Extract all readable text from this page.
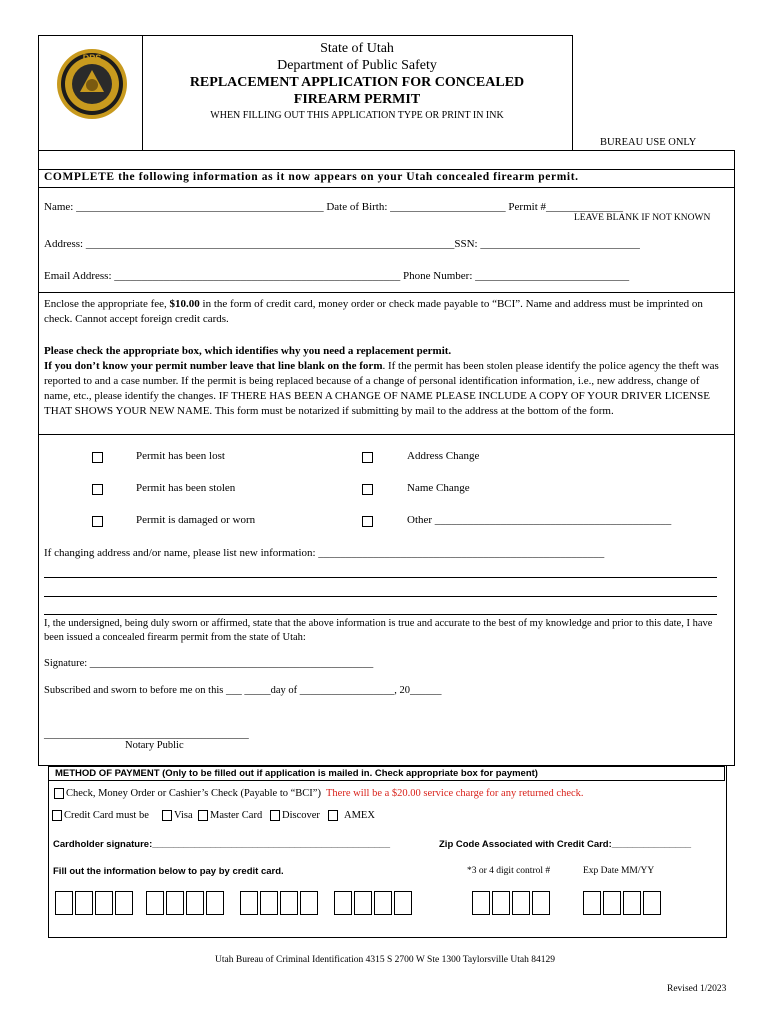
DPS
State of Utah
Department of Public Safety
REPLACEMENT APPLICATION FOR CONCEALED
FIREARM PERMIT
WHEN FILLING OUT THIS APPLICATION TYPE OR PRINT IN INK
BUREAU USE ONLY
COMPLETE the following information as it now appears on your Utah concealed firearm permit.
Name: _____________________________________________ Date of Birth: _____________________ Permit #______________
LEAVE BLANK IF NOT KNOWN
Address: ___________________________________________________________________SSN: _____________________________
Email Address: ____________________________________________________ Phone Number: ____________________________
Enclose the appropriate fee, $10.00 in the form of credit card, money order or check made payable to “BCI”. Name and address must be imprinted on check. Cannot accept foreign credit cards.
Please check the appropriate box, which identifies why you need a replacement permit.
If you don’t know your permit number leave that line blank on the form. If the permit has been stolen please identify the police agency the theft was reported to and a case number. If the permit is being replaced because of a change of personal identification information, i.e., new address, change of name, etc., please identify the changes. IF THERE HAS BEEN A CHANGE OF NAME PLEASE INCLUDE A COPY OF YOUR DRIVER LICENSE THAT SHOWS YOUR NEW NAME. This form must be notarized if submitting by mail to the address at the bottom of the form.
Permit has been lost	Address Change
Permit has been stolen	Name Change
Permit is damaged or worn	Other ___________________________________________
If changing address and/or name, please list new information: ____________________________________________________
I, the undersigned, being duly sworn or affirmed, state that the above information is true and accurate to the best of my knowledge and prior to this date, I have been issued a concealed firearm permit from the state of Utah:
Signature: ______________________________________________________
Subscribed and sworn to before me on this ___ _____day of __________________, 20______
_______________________________________
Notary Public
METHOD OF PAYMENT (Only to be filled out if application is mailed in. Check appropriate box for payment)
Check, Money Order or Cashier’s Check (Payable to “BCI”) There will be a $20.00 service charge for any returned check.
Credit Card must be Visa Master Card Discover AMEX
Cardholder signature:_____________________________________________	Zip Code Associated with Credit Card:_______________
Fill out the information below to pay by credit card.	*3 or 4 digit control #	Exp Date MM/YY
Utah Bureau of Criminal Identification 4315 S 2700 W Ste 1300 Taylorsville Utah 84129
Revised 1/2023
